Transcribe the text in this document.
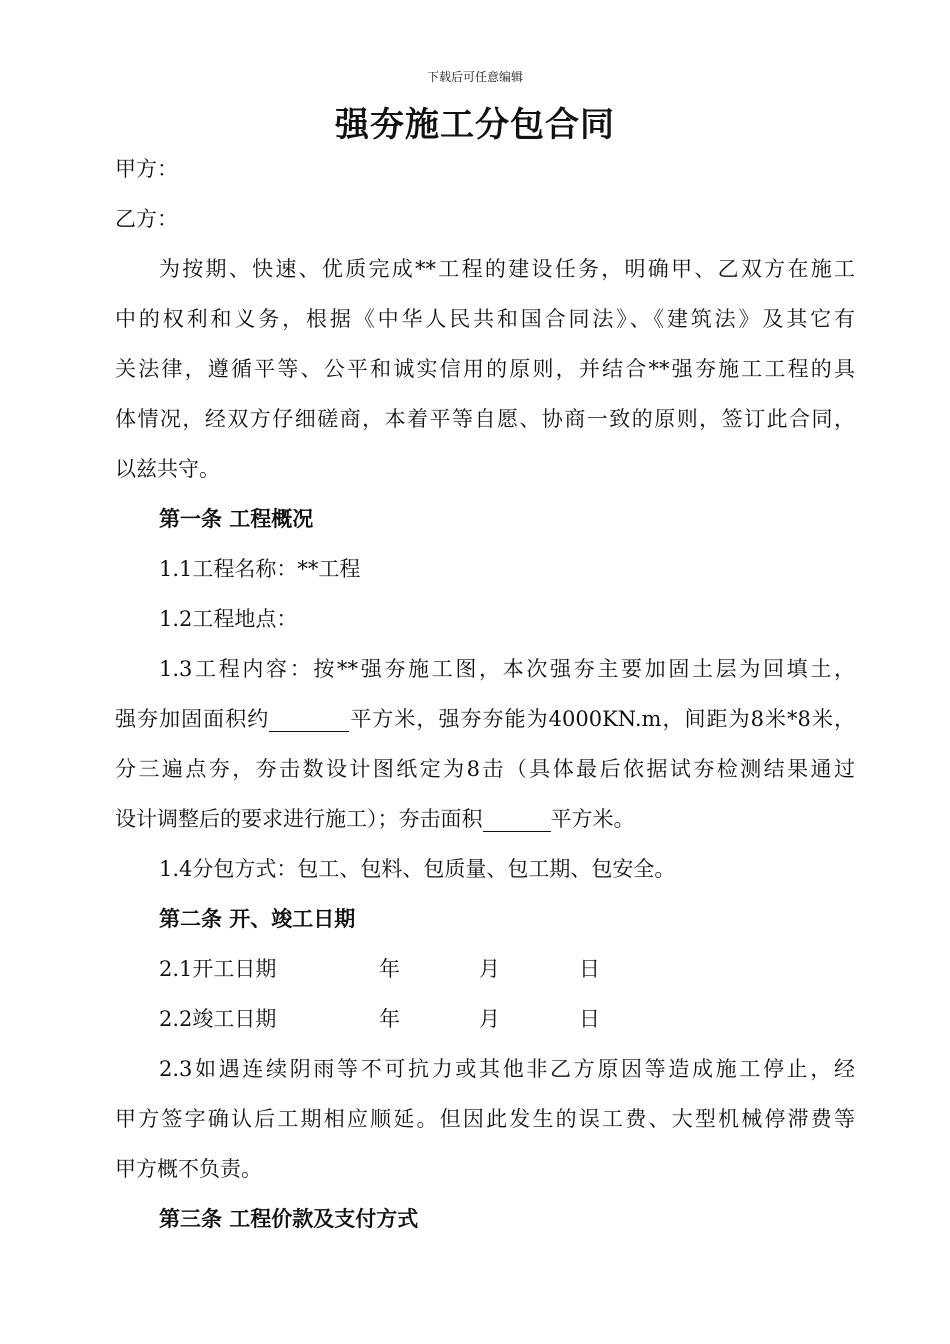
下载后可任意编辑
强夯施工分包合同
甲方：
乙方：
为按期、快速、优质完成**工程的建设任务，明确甲、乙双方在施工
中的权利和义务，根据《中华人民共和国合同法》、《建筑法》及其它有
关法律，遵循平等、公平和诚实信用的原则，并结合**强夯施工工程的具
体情况，经双方仔细磋商，本着平等自愿、协商一致的原则，签订此合同，
以兹共守。
第一条 工程概况
1.1工程名称：**工程
1.2工程地点：
1.3工程内容：按**强夯施工图，本次强夯主要加固土层为回填土，
强夯加固面积约	平方米，强夯夯能为4000KN.m，间距为8米*8米，
分三遍点夯，夯击数设计图纸定为8击（具体最后依据试夯检测结果通过
设计调整后的要求进行施工）；夯击面积	平方米。
1.4分包方式：包工、包料、包质量、包工期、包安全。
第二条 开、竣工日期
2.1开工日期	年	月	日
2.2竣工日期	年	月	日
2.3如遇连续阴雨等不可抗力或其他非乙方原因等造成施工停止，经
甲方签字确认后工期相应顺延。但因此发生的误工费、大型机械停滞费等
甲方概不负责。
第三条 工程价款及支付方式
